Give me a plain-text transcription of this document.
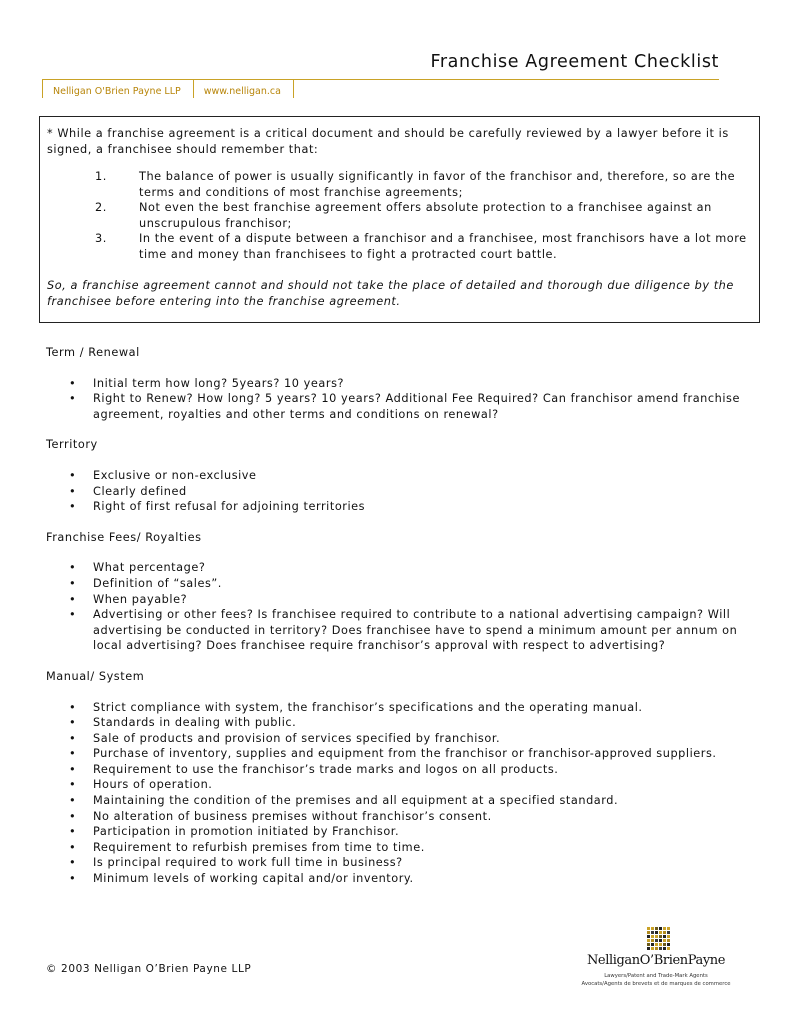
Franchise Agreement Checklist
Nelligan O'Brien Payne LLP	www.nelligan.ca
* While a franchise agreement is a critical document and should be carefully reviewed by a lawyer before it is signed, a franchisee should remember that:
1.	The balance of power is usually significantly in favor of the franchisor and, therefore, so are the terms and conditions of most franchise agreements;
2.	Not even the best franchise agreement offers absolute protection to a franchisee against an unscrupulous franchisor;
3.	In the event of a dispute between a franchisor and a franchisee, most franchisors have a lot more time and money than franchisees to fight a protracted court battle.
So, a franchise agreement cannot and should not take the place of detailed and thorough due diligence by the franchisee before entering into the franchise agreement.
Term / Renewal
• Initial term how long? 5years? 10 years?
• Right to Renew? How long? 5 years? 10 years? Additional Fee Required? Can franchisor amend franchise agreement, royalties and other terms and conditions on renewal?
Territory
• Exclusive or non-exclusive
• Clearly defined
• Right of first refusal for adjoining territories
Franchise Fees/ Royalties
• What percentage?
• Definition of “sales”.
• When payable?
• Advertising or other fees? Is franchisee required to contribute to a national advertising campaign? Will advertising be conducted in territory? Does franchisee have to spend a minimum amount per annum on local advertising? Does franchisee require franchisor’s approval with respect to advertising?
Manual/ System
• Strict compliance with system, the franchisor’s specifications and the operating manual.
• Standards in dealing with public.
• Sale of products and provision of services specified by franchisor.
• Purchase of inventory, supplies and equipment from the franchisor or franchisor-approved suppliers.
• Requirement to use the franchisor’s trade marks and logos on all products.
• Hours of operation.
• Maintaining the condition of the premises and all equipment at a specified standard.
• No alteration of business premises without franchisor’s consent.
• Participation in promotion initiated by Franchisor.
• Requirement to refurbish premises from time to time.
• Is principal required to work full time in business?
• Minimum levels of working capital and/or inventory.
© 2003 Nelligan O’Brien Payne LLP
NelliganO’BrienPayne
Lawyers/Patent and Trade-Mark Agents
Avocats/Agents de brevets et de marques de commerce
